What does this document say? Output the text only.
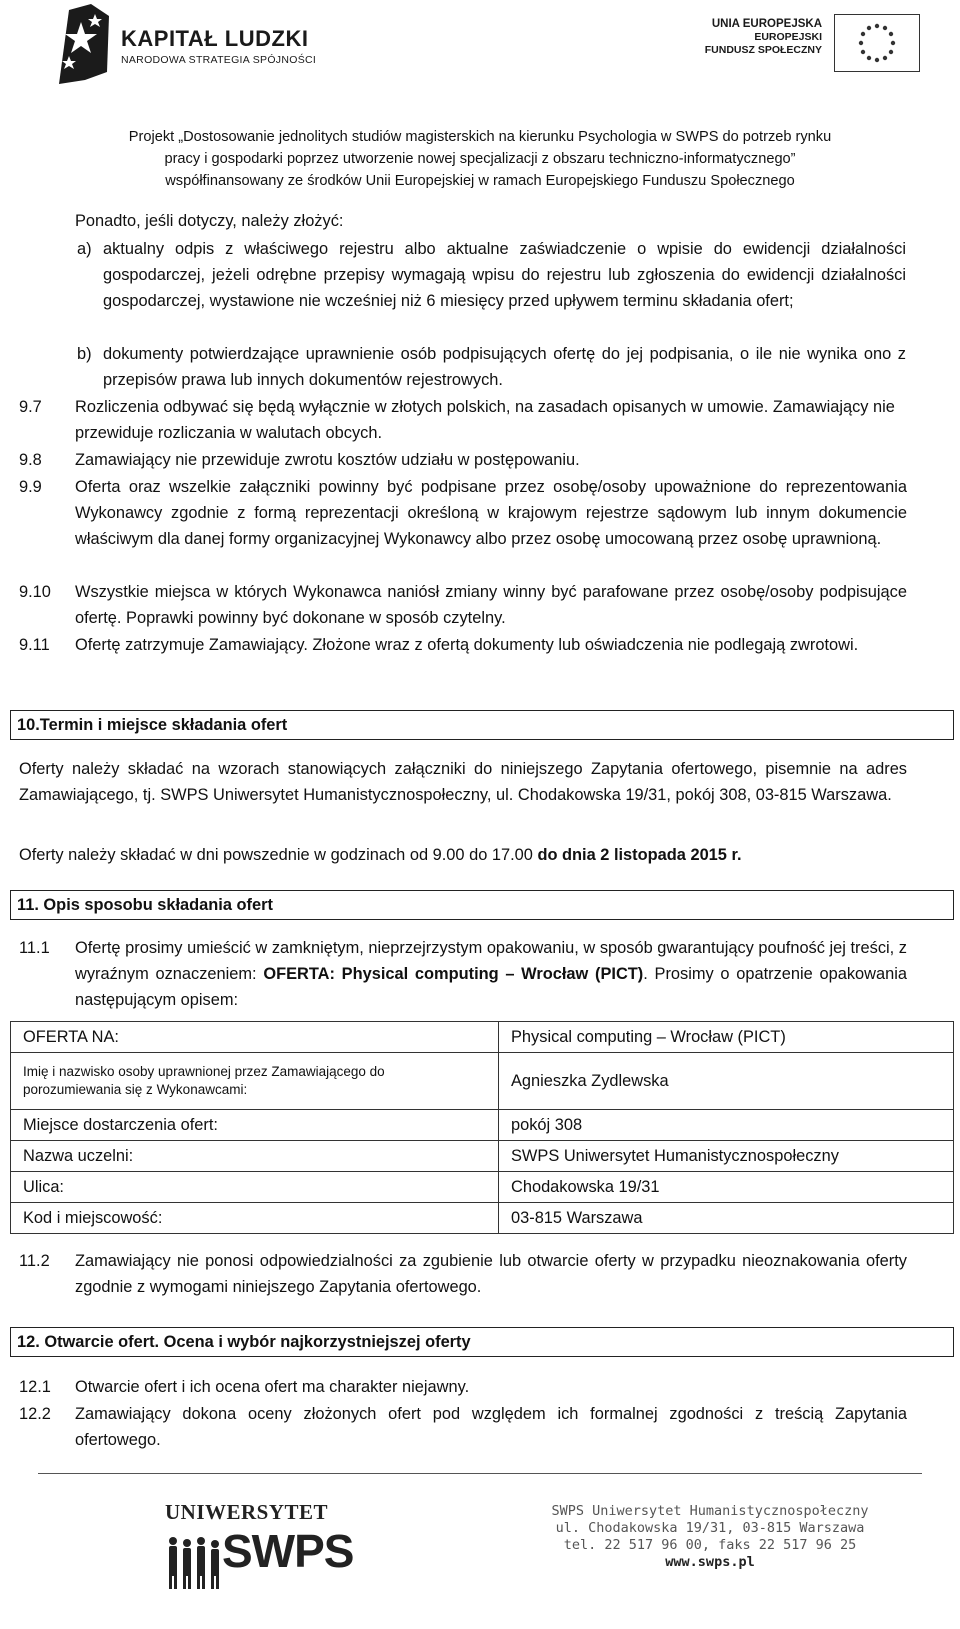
KAPITAŁ LUDZKI
NARODOWA STRATEGIA SPÓJNOŚCI
UNIA EUROPEJSKA
EUROPEJSKI
FUNDUSZ SPOŁECZNY
Projekt „Dostosowanie jednolitych studiów magisterskich na kierunku Psychologia w SWPS do potrzeb rynku
pracy i gospodarki poprzez utworzenie nowej specjalizacji z obszaru techniczno-informatycznego”
współfinansowany ze środków Unii Europejskiej w ramach Europejskiego Funduszu Społecznego
Ponadto, jeśli dotyczy, należy złożyć:
a) aktualny odpis z właściwego rejestru albo aktualne zaświadczenie o wpisie do ewidencji działalności gospodarczej, jeżeli odrębne przepisy wymagają wpisu do rejestru lub zgłoszenia do ewidencji działalności gospodarczej, wystawione nie wcześniej niż 6 miesięcy przed upływem terminu składania ofert;
b) dokumenty potwierdzające uprawnienie osób podpisujących ofertę do jej podpisania, o ile nie wynika ono z przepisów prawa lub innych dokumentów rejestrowych.
9.7 Rozliczenia odbywać się będą wyłącznie w złotych polskich, na zasadach opisanych w umowie. Zamawiający nie przewiduje rozliczania w walutach obcych.
9.8 Zamawiający nie przewiduje zwrotu kosztów udziału w postępowaniu.
9.9 Oferta oraz wszelkie załączniki powinny być podpisane przez osobę/osoby upoważnione do reprezentowania Wykonawcy zgodnie z formą reprezentacji określoną w krajowym rejestrze sądowym lub innym dokumencie właściwym dla danej formy organizacyjnej Wykonawcy albo przez osobę umocowaną przez osobę uprawnioną.
9.10 Wszystkie miejsca w których Wykonawca naniósł zmiany winny być parafowane przez osobę/osoby podpisujące ofertę. Poprawki powinny być dokonane w sposób czytelny.
9.11 Ofertę zatrzymuje Zamawiający. Złożone wraz z ofertą dokumenty lub oświadczenia nie podlegają zwrotowi.
10.Termin i miejsce składania ofert
Oferty należy składać na wzorach stanowiących załączniki do niniejszego Zapytania ofertowego, pisemnie na adres Zamawiającego, tj. SWPS Uniwersytet Humanistycznospołeczny, ul. Chodakowska 19/31, pokój 308, 03-815 Warszawa.
Oferty należy składać w dni powszednie w godzinach od 9.00 do 17.00 do dnia 2 listopada 2015 r.
11. Opis sposobu składania ofert
11.1 Ofertę prosimy umieścić w zamkniętym, nieprzejrzystym opakowaniu, w sposób gwarantujący poufność jej treści, z wyraźnym oznaczeniem: OFERTA: Physical computing – Wrocław (PICT). Prosimy o opatrzenie opakowania następującym opisem:
OFERTA NA:	Physical computing – Wrocław (PICT)
Imię i nazwisko osoby uprawnionej przez Zamawiającego do porozumiewania się z Wykonawcami:	Agnieszka Zydlewska
Miejsce dostarczenia ofert:	pokój 308
Nazwa uczelni:	SWPS Uniwersytet Humanistycznospołeczny
Ulica:	Chodakowska 19/31
Kod i miejscowość:	03-815 Warszawa
11.2 Zamawiający nie ponosi odpowiedzialności za zgubienie lub otwarcie oferty w przypadku nieoznakowania oferty zgodnie z wymogami niniejszego Zapytania ofertowego.
12. Otwarcie ofert. Ocena i wybór najkorzystniejszej oferty
12.1 Otwarcie ofert i ich ocena ofert ma charakter niejawny.
12.2 Zamawiający dokona oceny złożonych ofert pod względem ich formalnej zgodności z treścią Zapytania ofertowego.
UNIWERSYTET
SWPS
SWPS Uniwersytet Humanistycznospołeczny
ul. Chodakowska 19/31, 03-815 Warszawa
tel. 22 517 96 00, faks 22 517 96 25
www.swps.pl
